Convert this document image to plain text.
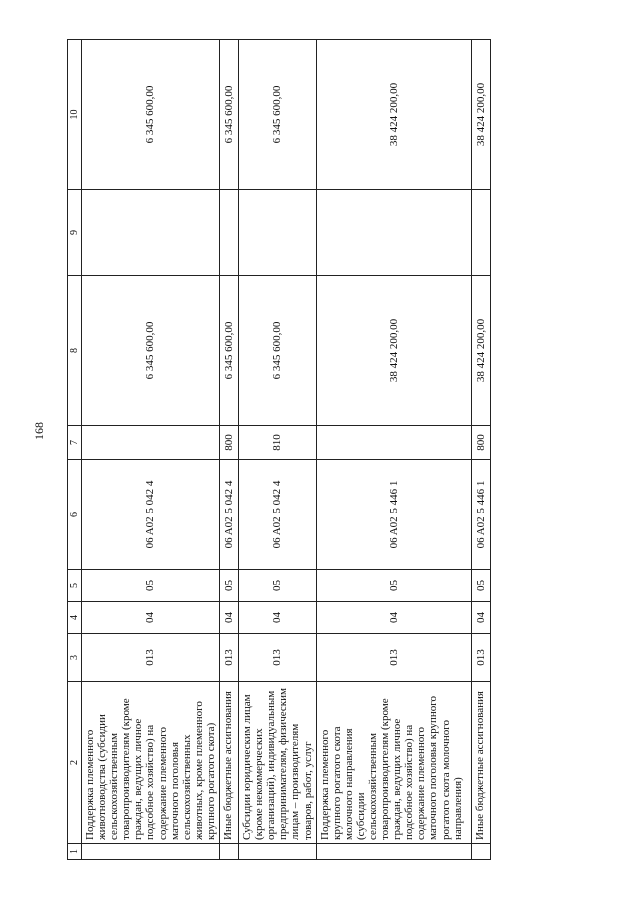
168
1	2	3	4	5	6	7	8	9	10
	Поддержка племенного животноводства (субсидии сельскохозяйственным товаропроизводителям (кроме граждан, ведущих личное подсобное хозяйство) на содержание племенного маточного поголовья сельскохозяйственных животных, кроме племенного крупного рогатого скота)	013	04	05	06 A02 5 042 4		6 345 600,00		6 345 600,00
	Иные бюджетные ассигнования	013	04	05	06 A02 5 042 4	800	6 345 600,00		6 345 600,00
	Субсидии юридическим лицам (кроме некоммерческих организаций), индивидуальным предпринимателям, физическим лицам – производителям товаров, работ, услуг	013	04	05	06 A02 5 042 4	810	6 345 600,00		6 345 600,00
	Поддержка племенного крупного рогатого скота молочного направления (субсидии сельскохозяйственным товаропроизводителям (кроме граждан, ведущих личное подсобное хозяйство) на содержание племенного маточного поголовья крупного рогатого скота молочного направления)	013	04	05	06 A02 5 446 1		38 424 200,00		38 424 200,00
	Иные бюджетные ассигнования	013	04	05	06 A02 5 446 1	800	38 424 200,00		38 424 200,00
